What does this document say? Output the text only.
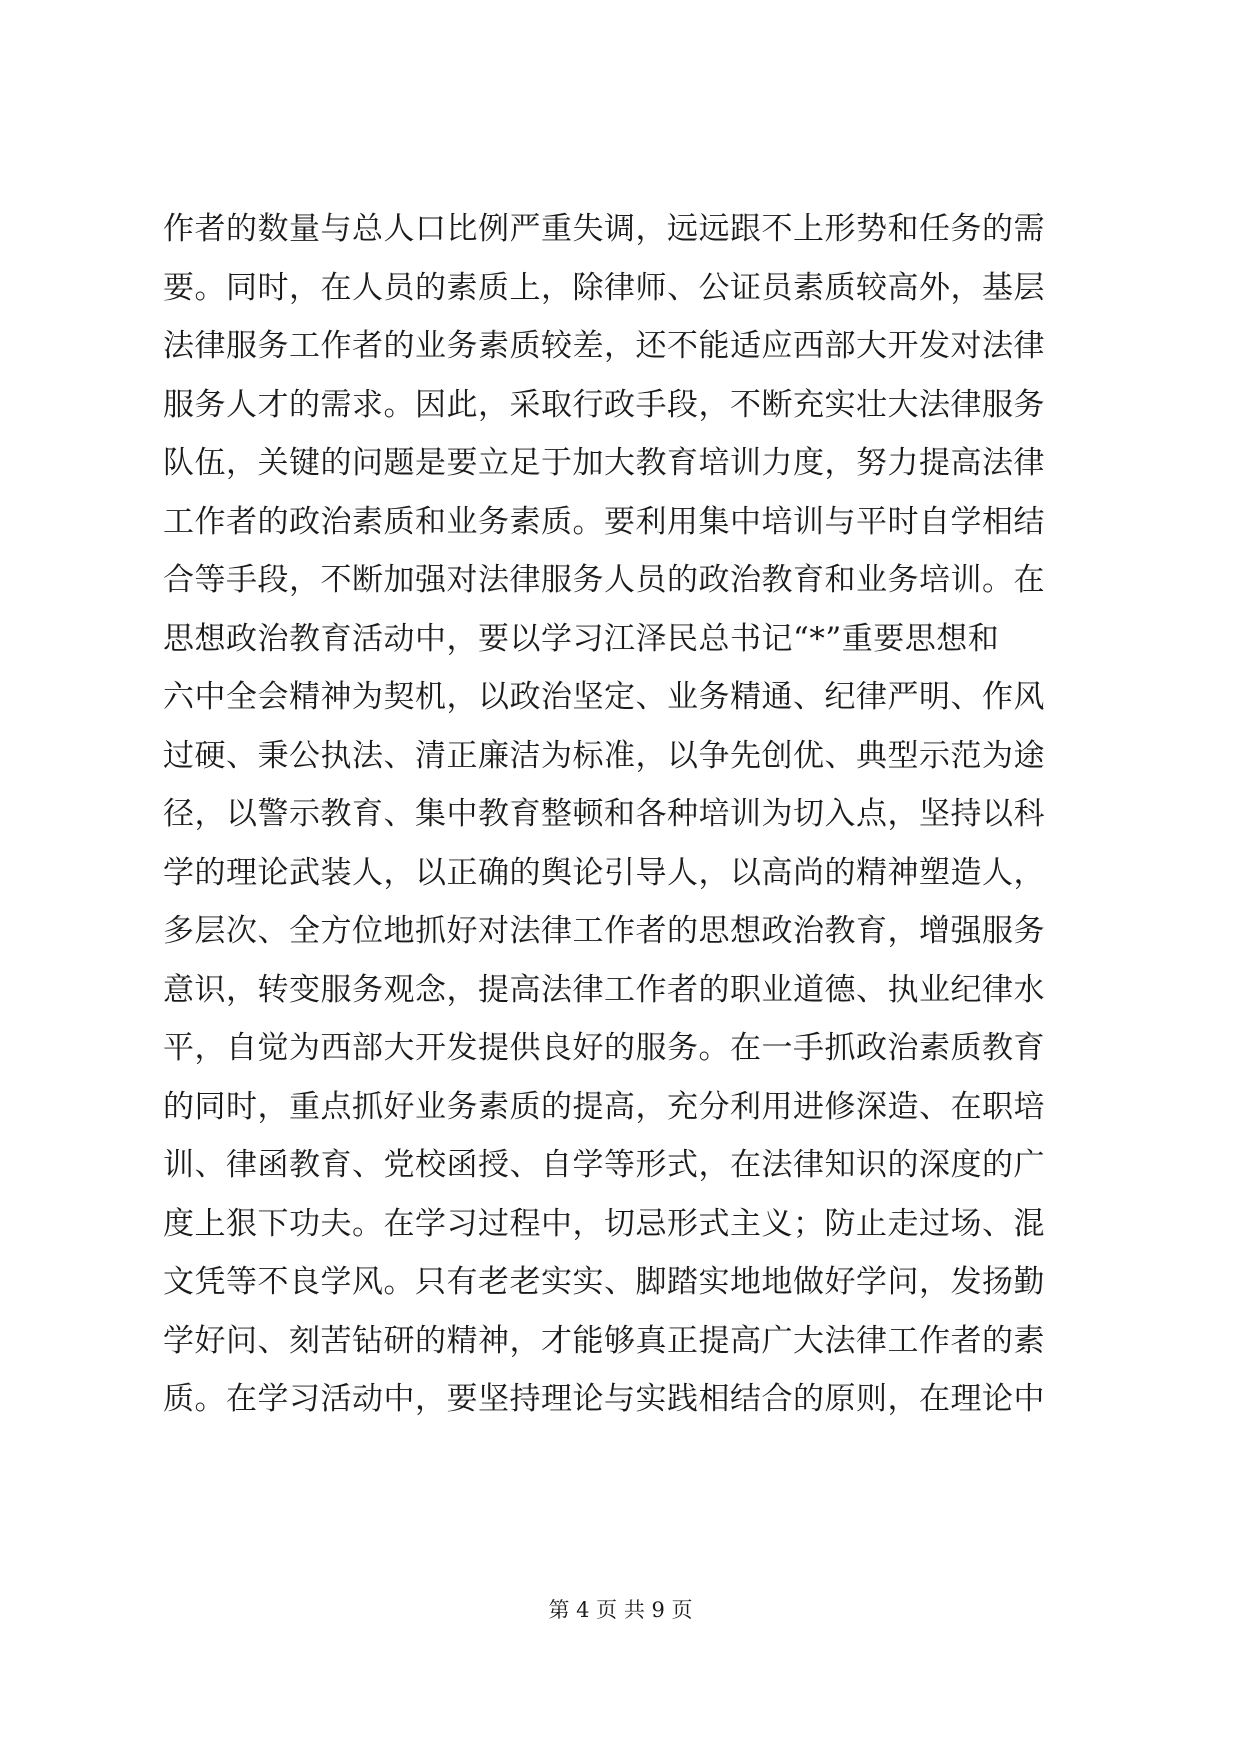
作者的数量与总人口比例严重失调，远远跟不上形势和任务的需
要。同时，在人员的素质上，除律师、公证员素质较高外，基层
法律服务工作者的业务素质较差，还不能适应西部大开发对法律
服务人才的需求。因此，采取行政手段，不断充实壮大法律服务
队伍，关键的问题是要立足于加大教育培训力度，努力提高法律
工作者的政治素质和业务素质。要利用集中培训与平时自学相结
合等手段，不断加强对法律服务人员的政治教育和业务培训。在
思想政治教育活动中，要以学习江泽民总书记“*”重要思想和
六中全会精神为契机，以政治坚定、业务精通、纪律严明、作风
过硬、秉公执法、清正廉洁为标准，以争先创优、典型示范为途
径，以警示教育、集中教育整顿和各种培训为切入点，坚持以科
学的理论武装人，以正确的舆论引导人，以高尚的精神塑造人，
多层次、全方位地抓好对法律工作者的思想政治教育，增强服务
意识，转变服务观念，提高法律工作者的职业道德、执业纪律水
平，自觉为西部大开发提供良好的服务。在一手抓政治素质教育
的同时，重点抓好业务素质的提高，充分利用进修深造、在职培
训、律函教育、党校函授、自学等形式，在法律知识的深度的广
度上狠下功夫。在学习过程中，切忌形式主义；防止走过场、混
文凭等不良学风。只有老老实实、脚踏实地地做好学问，发扬勤
学好问、刻苦钻研的精神，才能够真正提高广大法律工作者的素
质。在学习活动中，要坚持理论与实践相结合的原则，在理论中
第 4 页 共 9 页
